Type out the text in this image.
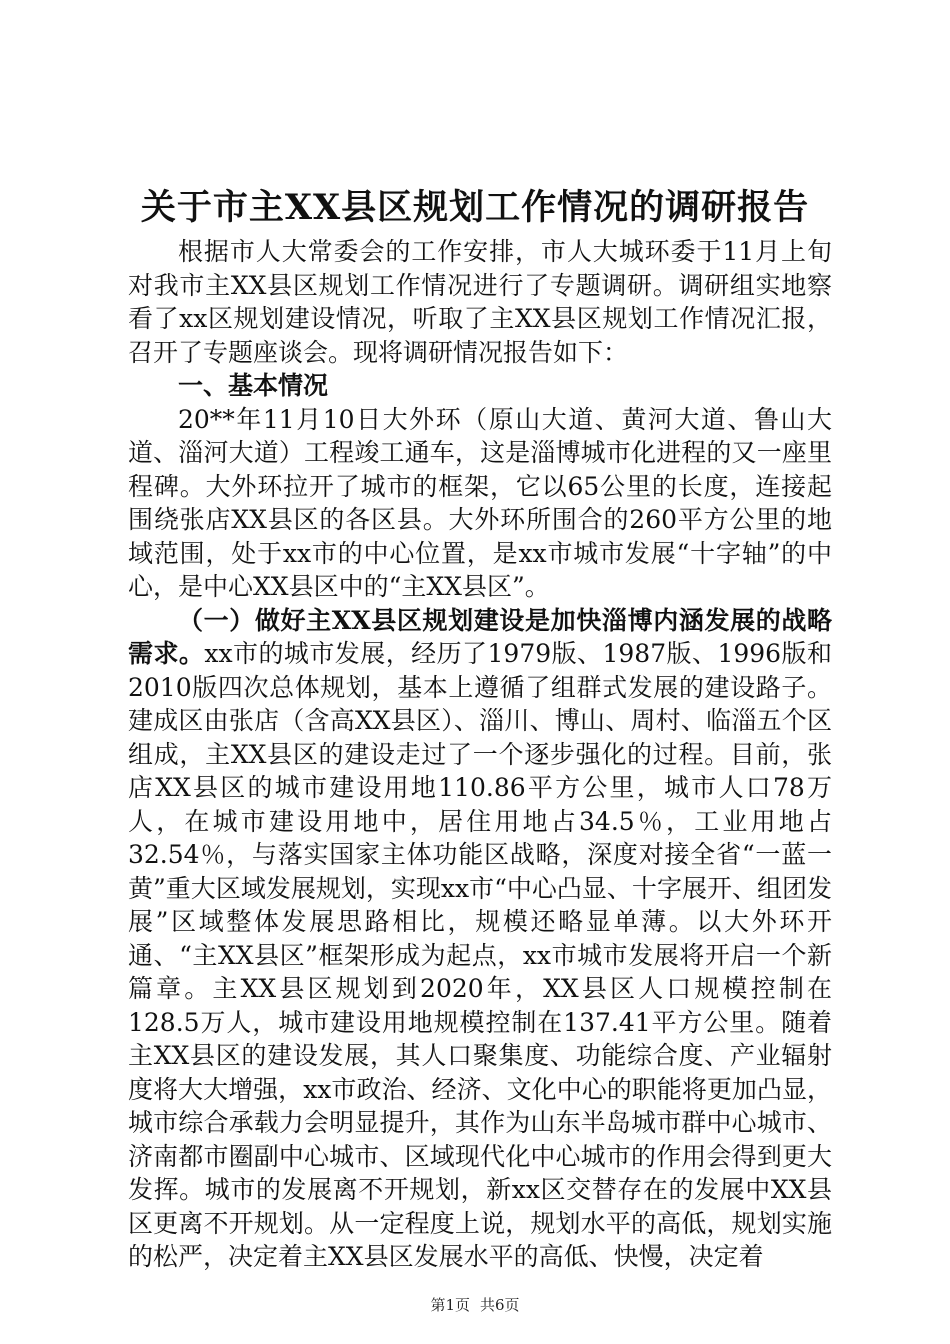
关于市主XX县区规划工作情况的调研报告

根据市人大常委会的工作安排，市人大城环委于11月上旬对我市主XX县区规划工作情况进行了专题调研。调研组实地察看了xx区规划建设情况，听取了主XX县区规划工作情况汇报，召开了专题座谈会。现将调研情况报告如下：

一、基本情况

20**年11月10日大外环（原山大道、黄河大道、鲁山大道、淄河大道）工程竣工通车，这是淄博城市化进程的又一座里程碑。大外环拉开了城市的框架，它以65公里的长度，连接起围绕张店XX县区的各区县。大外环所围合的260平方公里的地域范围，处于xx市的中心位置，是xx市城市发展“十字轴”的中心，是中心XX县区中的“主XX县区”。

（一）做好主XX县区规划建设是加快淄博内涵发展的战略需求。xx市的城市发展，经历了1979版、1987版、1996版和2010版四次总体规划，基本上遵循了组群式发展的建设路子。建成区由张店（含高XX县区）、淄川、博山、周村、临淄五个区组成，主XX县区的建设走过了一个逐步强化的过程。目前，张店XX县区的城市建设用地110.86平方公里，城市人口78万人，在城市建设用地中，居住用地占34.5％，工业用地占32.54％，与落实国家主体功能区战略，深度对接全省“一蓝一黄”重大区域发展规划，实现xx市“中心凸显、十字展开、组团发展”区域整体发展思路相比，规模还略显单薄。以大外环开通、“主XX县区”框架形成为起点，xx市城市发展将开启一个新篇章。主XX县区规划到2020年，XX县区人口规模控制在128.5万人，城市建设用地规模控制在137.41平方公里。随着主XX县区的建设发展，其人口聚集度、功能综合度、产业辐射度将大大增强，xx市政治、经济、文化中心的职能将更加凸显，城市综合承载力会明显提升，其作为山东半岛城市群中心城市、济南都市圈副中心城市、区域现代化中心城市的作用会得到更大发挥。城市的发展离不开规划，新xx区交替存在的发展中XX县区更离不开规划。从一定程度上说，规划水平的高低，规划实施的松严，决定着主XX县区发展水平的高低、快慢，决定着

第1页 共6页
